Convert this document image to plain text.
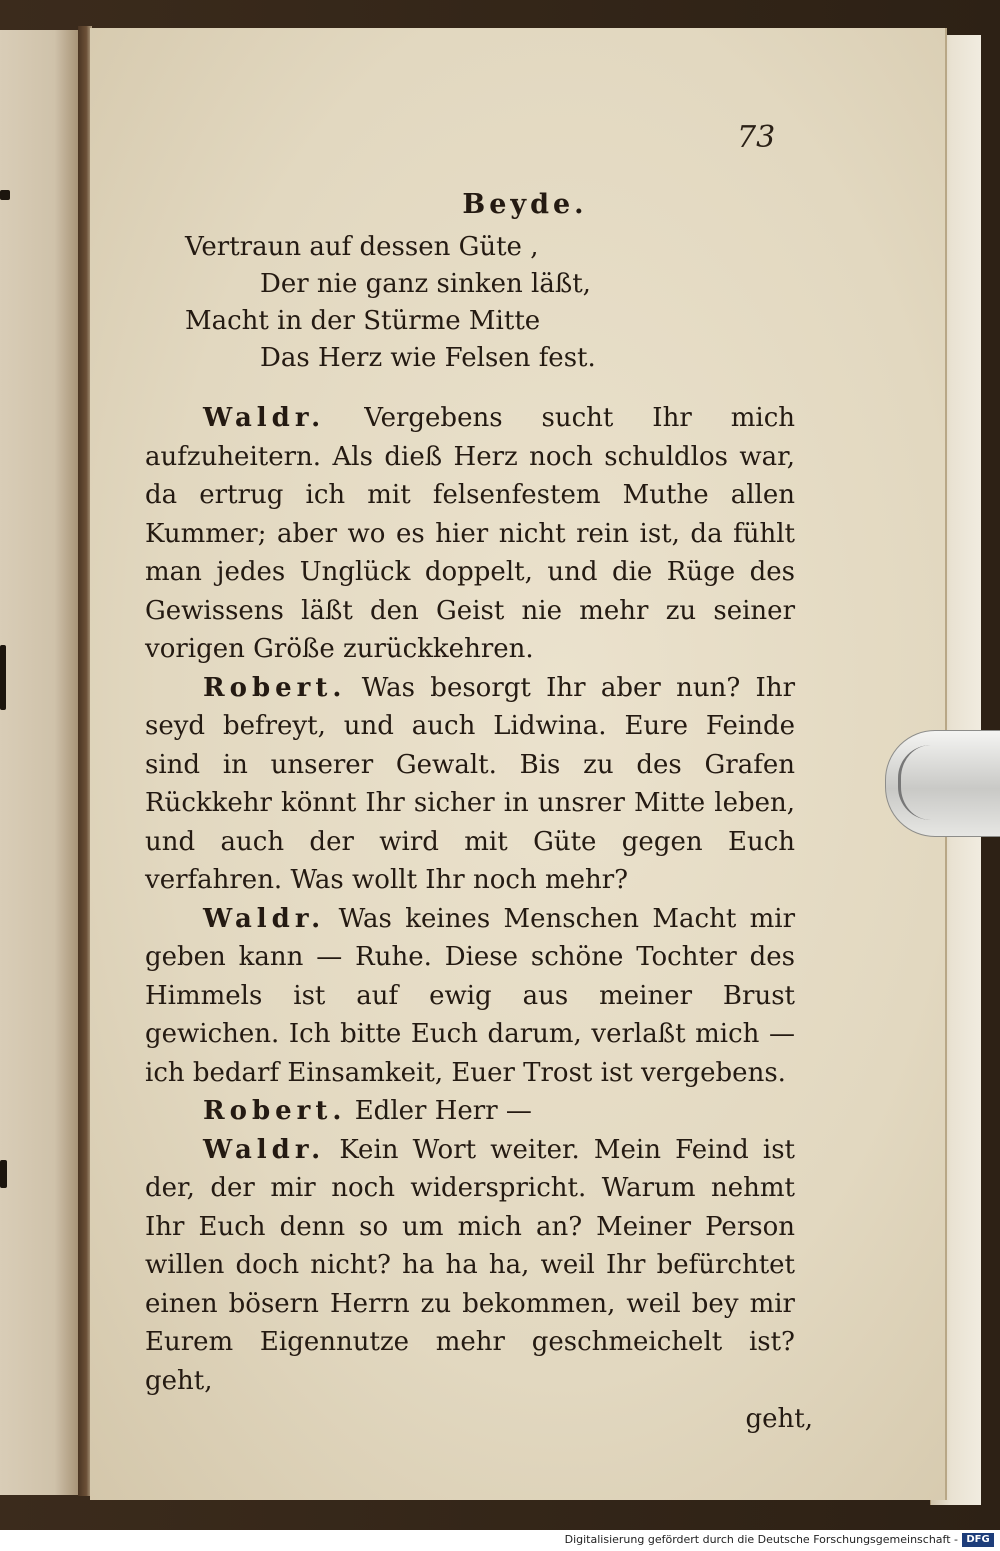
73
Beyde.
Vertraun auf dessen Güte ,
Der nie ganz sinken läßt,
Macht in der Stürme Mitte
Das Herz wie Felsen fest.

Waldr. Vergebens sucht Ihr mich aufzuheitern. Als dieß Herz noch schuldlos war, da ertrug ich mit felsenfestem Muthe allen Kummer; aber wo es hier nicht rein ist, da fühlt man jedes Unglück doppelt, und die Rüge des Gewissens läßt den Geist nie mehr zu seiner vorigen Größe zurückkehren.

Robert. Was besorgt Ihr aber nun? Ihr seyd befreyt, und auch Lidwina. Eure Feinde sind in unserer Gewalt. Bis zu des Grafen Rückkehr könnt Ihr sicher in unsrer Mitte leben, und auch der wird mit Güte gegen Euch verfahren. Was wollt Ihr noch mehr?

Waldr. Was keines Menschen Macht mir geben kann — Ruhe. Diese schöne Tochter des Himmels ist auf ewig aus meiner Brust gewichen. Ich bitte Euch darum, verlaßt mich — ich bedarf Einsamkeit, Euer Trost ist vergebens.

Robert. Edler Herr —

Waldr. Kein Wort weiter. Mein Feind ist der, der mir noch widerspricht. Warum nehmt Ihr Euch denn so um mich an? Meiner Person willen doch nicht? ha ha ha, weil Ihr befürchtet einen bösern Herrn zu bekommen, weil bey mir Eurem Eigennutze mehr geschmeichelt ist? geht,

geht,
Digitalisierung gefördert durch die Deutsche Forschungsgemeinschaft - DFG
